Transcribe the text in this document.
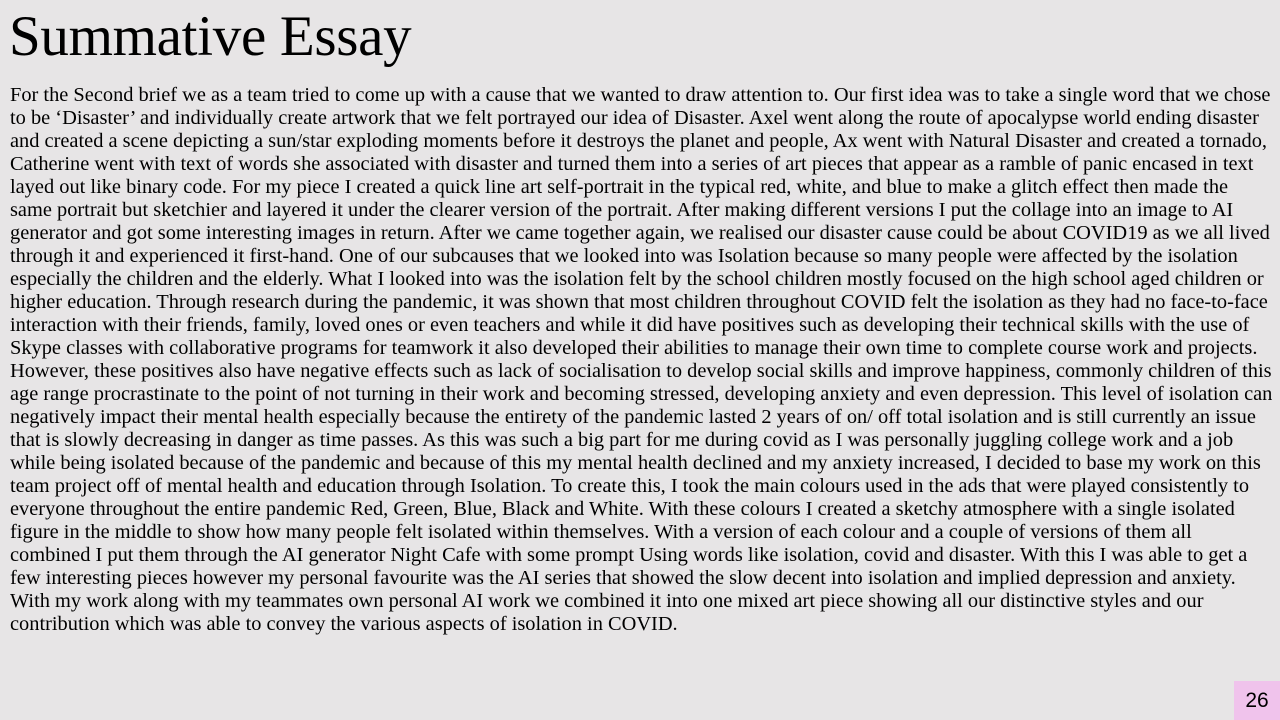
Summative Essay

For the Second brief we as a team tried to come up with a cause that we wanted to draw attention to. Our first idea was to take a single word that we chose to be ‘Disaster’ and individually create artwork that we felt portrayed our idea of Disaster. Axel went along the route of apocalypse world ending disaster and created a scene depicting a sun/star exploding moments before it destroys the planet and people, Ax went with Natural Disaster and created a tornado, Catherine went with text of words she associated with disaster and turned them into a series of art pieces that appear as a ramble of panic encased in text layed out like binary code. For my piece I created a quick line art self-portrait in the typical red, white, and blue to make a glitch effect then made the same portrait but sketchier and layered it under the clearer version of the portrait. After making different versions I put the collage into an image to AI generator and got some interesting images in return. After we came together again, we realised our disaster cause could be about COVID19 as we all lived through it and experienced it first-hand. One of our subcauses that we looked into was Isolation because so many people were affected by the isolation especially the children and the elderly. What I looked into was the isolation felt by the school children mostly focused on the high school aged children or higher education. Through research during the pandemic, it was shown that most children throughout COVID felt the isolation as they had no face-to-face interaction with their friends, family, loved ones or even teachers and while it did have positives such as developing their technical skills with the use of Skype classes with collaborative programs for teamwork it also developed their abilities to manage their own time to complete course work and projects. However, these positives also have negative effects such as lack of socialisation to develop social skills and improve happiness, commonly children of this age range procrastinate to the point of not turning in their work and becoming stressed, developing anxiety and even depression. This level of isolation can negatively impact their mental health especially because the entirety of the pandemic lasted 2 years of on/ off total isolation and is still currently an issue that is slowly decreasing in danger as time passes. As this was such a big part for me during covid as I was personally juggling college work and a job while being isolated because of the pandemic and because of this my mental health declined and my anxiety increased, I decided to base my work on this team project off of mental health and education through Isolation. To create this, I took the main colours used in the ads that were played consistently to everyone throughout the entire pandemic Red, Green, Blue, Black and White. With these colours I created a sketchy atmosphere with a single isolated figure in the middle to show how many people felt isolated within themselves. With a version of each colour and a couple of versions of them all combined I put them through the AI generator Night Cafe with some prompt Using words like isolation, covid and disaster. With this I was able to get a few interesting pieces however my personal favourite was the AI series that showed the slow decent into isolation and implied depression and anxiety. With my work along with my teammates own personal AI work we combined it into one mixed art piece showing all our distinctive styles and our contribution which was able to convey the various aspects of isolation in COVID.

26
